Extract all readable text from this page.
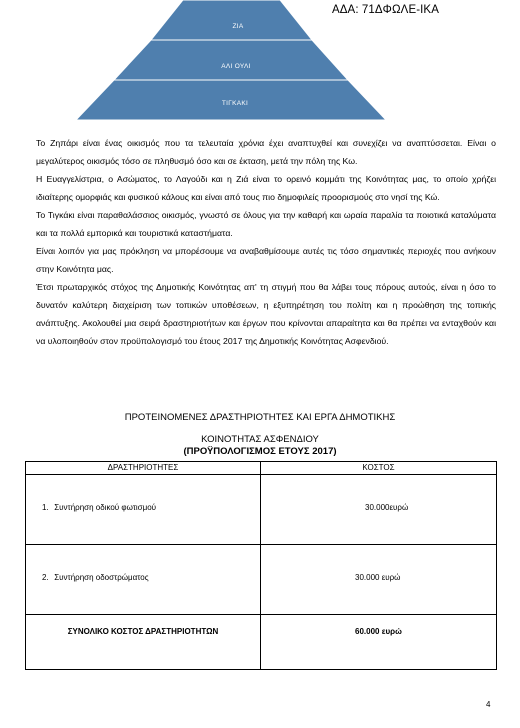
ΑΔΑ: 71ΔΦΩΛΕ-ΙΚΑ
ΖΙΑ
ΑΛΙ ΟΥΛΙ
ΤΙΓΚΑΚΙ

Το Ζηπάρι είναι ένας οικισμός που τα τελευταία χρόνια έχει αναπτυχθεί και συνεχίζει να αναπτύσσεται. Είναι ο μεγαλύτερος οικισμός τόσο σε πληθυσμό όσο και σε έκταση, μετά την πόλη της Κω.

Η Ευαγγελίστρια, ο Ασώματος, το Λαγούδι και η Ζιά είναι το ορεινό κομμάτι της Κοινότητας μας, το οποίο χρήζει ιδιαίτερης ομορφιάς και φυσικού κάλους και είναι από τους πιο δημοφιλείς προορισμούς στο νησί της Κώ.

Το Τιγκάκι είναι παραθαλάσσιος οικισμός, γνωστό σε όλους για την καθαρή και ωραία παραλία τα ποιοτικά καταλύματα και τα πολλά εμπορικά και τουριστικά καταστήματα.

Είναι λοιπόν για μας πρόκληση να μπορέσουμε να αναβαθμίσουμε αυτές τις τόσο σημαντικές περιοχές που ανήκουν στην Κοινότητα μας.

Έτσι πρωταρχικός στόχος της Δημοτικής Κοινότητας απ' τη στιγμή που θα λάβει τους πόρους αυτούς, είναι η όσο το δυνατόν καλύτερη διαχείριση των τοπικών υποθέσεων, η εξυπηρέτηση του πολίτη και η προώθηση της τοπικής ανάπτυξης. Ακολουθεί μια σειρά δραστηριοτήτων και έργων που κρίνονται απαραίτητα και θα πρέπει να ενταχθούν και να υλοποιηθούν στον προϋπολογισμό του έτους 2017 της Δημοτικής Κοινότητας Ασφενδιού.

ΠΡΟΤΕΙΝΟΜΕΝΕΣ ΔΡΑΣΤΗΡΙΟΤΗΤΕΣ ΚΑΙ ΕΡΓΑ ΔΗΜΟΤΙΚΗΣ
ΚΟΙΝΟΤΗΤΑΣ ΑΣΦΕΝΔΙΟΥ
(ΠΡΟΫΠΟΛΟΓΙΣΜΟΣ ΕΤΟΥΣ 2017)
ΔΡΑΣΤΗΡΙΟΤΗΤΕΣ	ΚΟΣΤΟΣ
1. Συντήρηση οδικού φωτισμού	30.000ευρώ
2. Συντήρηση οδοστρώματος	30.000 ευρώ
ΣΥΝΟΛΙΚΟ ΚΟΣΤΟΣ ΔΡΑΣΤΗΡΙΟΤΗΤΩΝ	60.000 ευρώ
4
